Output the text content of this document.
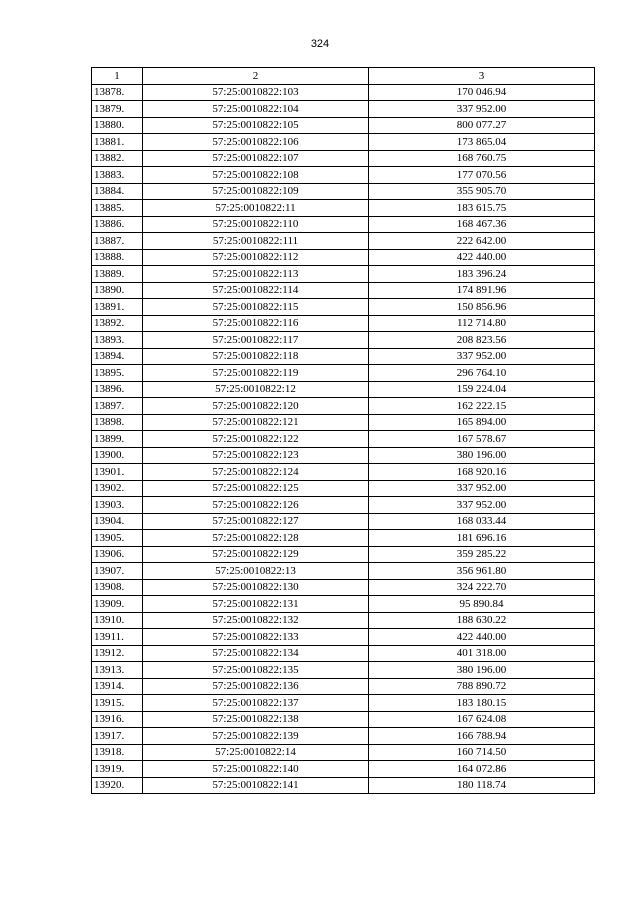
324
1	2	3
13878.	57:25:0010822:103	170 046.94
13879.	57:25:0010822:104	337 952.00
13880.	57:25:0010822:105	800 077.27
13881.	57:25:0010822:106	173 865.04
13882.	57:25:0010822:107	168 760.75
13883.	57:25:0010822:108	177 070.56
13884.	57:25:0010822:109	355 905.70
13885.	57:25:0010822:11	183 615.75
13886.	57:25:0010822:110	168 467.36
13887.	57:25:0010822:111	222 642.00
13888.	57:25:0010822:112	422 440.00
13889.	57:25:0010822:113	183 396.24
13890.	57:25:0010822:114	174 891.96
13891.	57:25:0010822:115	150 856.96
13892.	57:25:0010822:116	112 714.80
13893.	57:25:0010822:117	208 823.56
13894.	57:25:0010822:118	337 952.00
13895.	57:25:0010822:119	296 764.10
13896.	57:25:0010822:12	159 224.04
13897.	57:25:0010822:120	162 222.15
13898.	57:25:0010822:121	165 894.00
13899.	57:25:0010822:122	167 578.67
13900.	57:25:0010822:123	380 196.00
13901.	57:25:0010822:124	168 920.16
13902.	57:25:0010822:125	337 952.00
13903.	57:25:0010822:126	337 952.00
13904.	57:25:0010822:127	168 033.44
13905.	57:25:0010822:128	181 696.16
13906.	57:25:0010822:129	359 285.22
13907.	57:25:0010822:13	356 961.80
13908.	57:25:0010822:130	324 222.70
13909.	57:25:0010822:131	95 890.84
13910.	57:25:0010822:132	188 630.22
13911.	57:25:0010822:133	422 440.00
13912.	57:25:0010822:134	401 318.00
13913.	57:25:0010822:135	380 196.00
13914.	57:25:0010822:136	788 890.72
13915.	57:25:0010822:137	183 180.15
13916.	57:25:0010822:138	167 624.08
13917.	57:25:0010822:139	166 788.94
13918.	57:25:0010822:14	160 714.50
13919.	57:25:0010822:140	164 072.86
13920.	57:25:0010822:141	180 118.74
